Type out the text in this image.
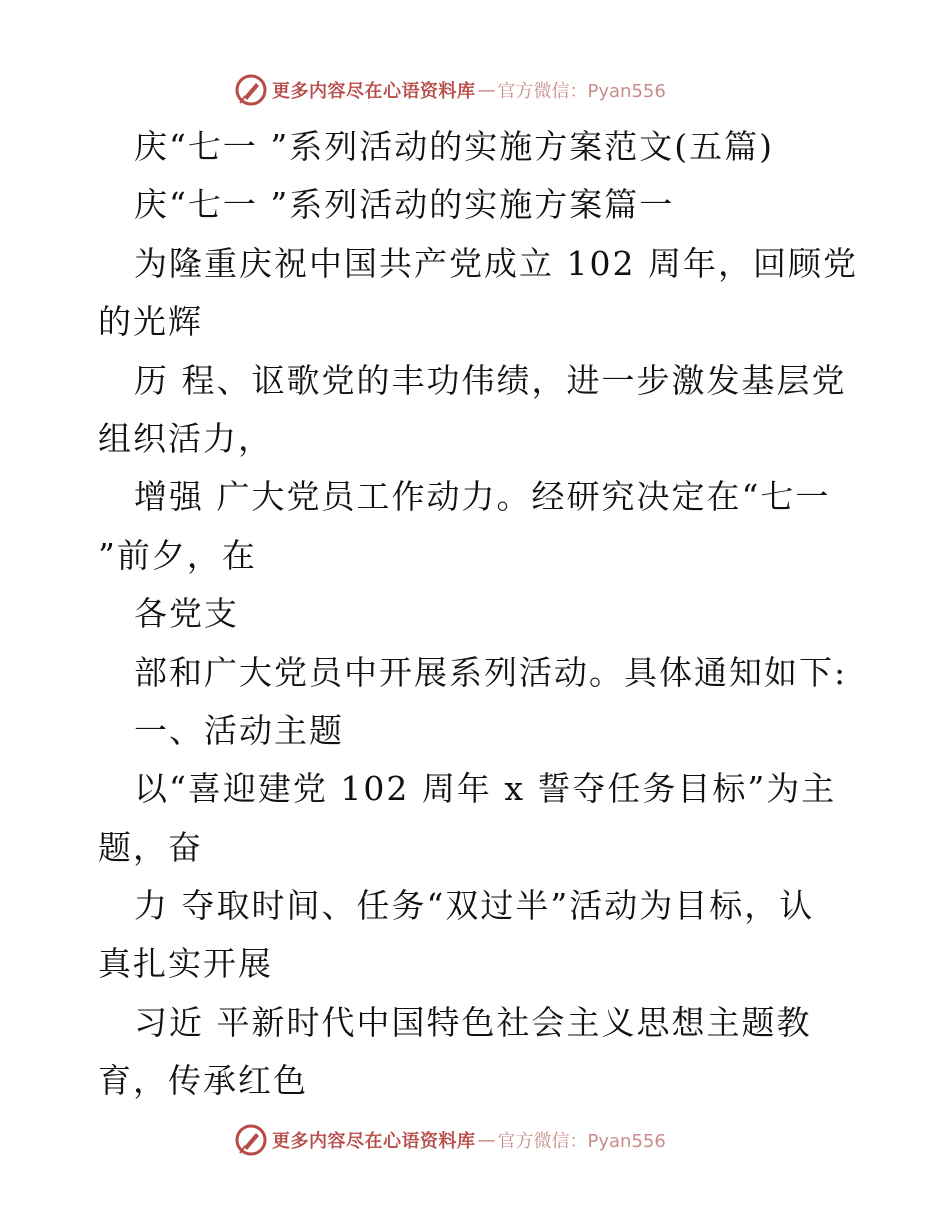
更多内容尽在心语资料库 — 官方微信：Pyan556
庆“七一 ”系列活动的实施方案范文(五篇)
庆“七一 ”系列活动的实施方案篇一
为隆重庆祝中国共产党成立 102 周年，回顾党
的光辉
历 程、讴歌党的丰功伟绩，进一步激发基层党
组织活力，
增强 广大党员工作动力。经研究决定在“七一
”前夕，在
各党支
部和广大党员中开展系列活动。具体通知如下:
一、活动主题
以“喜迎建党 102 周年 x 誓夺任务目标”为主
题，奋
力 夺取时间、任务“双过半”活动为目标，认
真扎实开展
习近 平新时代中国特色社会主义思想主题教
育，传承红色
更多内容尽在心语资料库 — 官方微信：Pyan556
